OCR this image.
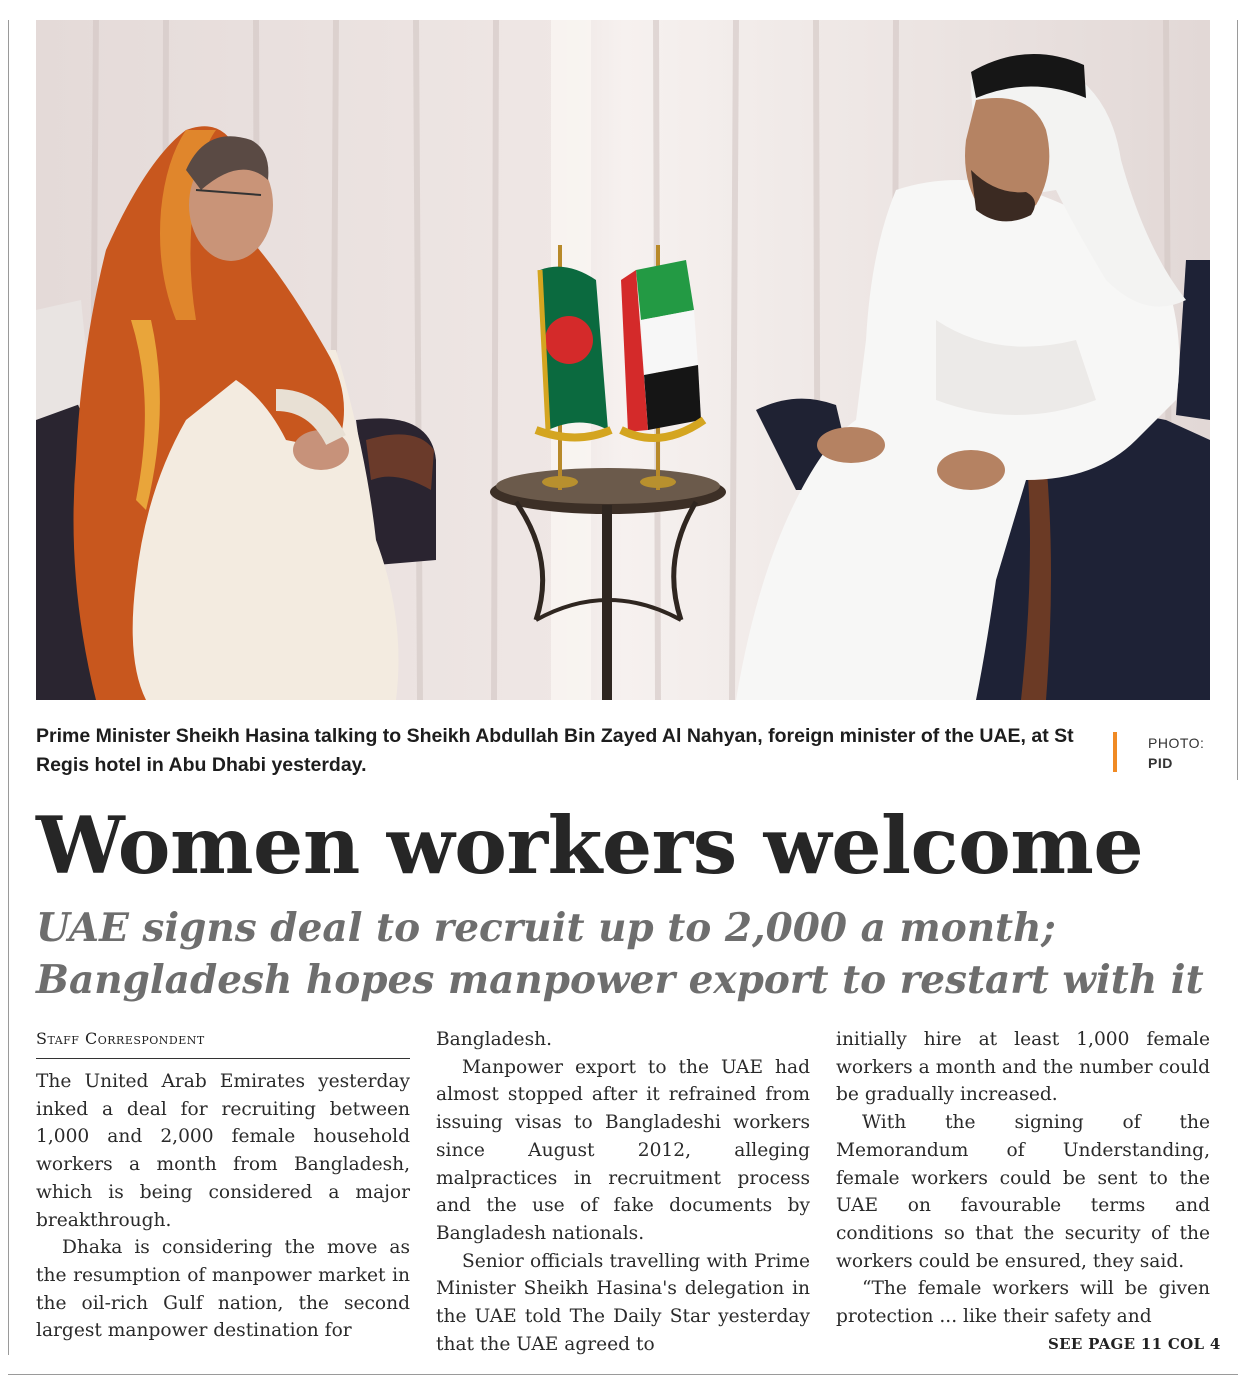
Prime Minister Sheikh Hasina talking to Sheikh Abdullah Bin Zayed Al Nahyan, foreign minister of the UAE, at St Regis hotel in Abu Dhabi yesterday.
PHOTO:
PID
Women workers welcome
UAE signs deal to recruit up to 2,000 a month; Bangladesh hopes manpower export to restart with it
Staff Correspondent

The United Arab Emirates yesterday inked a deal for recruiting between 1,000 and 2,000 female household workers a month from Bangladesh, which is being considered a major breakthrough.

Dhaka is considering the move as the resumption of manpower market in the oil-rich Gulf nation, the second largest manpower destination for

Bangladesh.

Manpower export to the UAE had almost stopped after it refrained from issuing visas to Bangladeshi workers since August 2012, alleging malpractices in recruitment process and the use of fake documents by Bangladesh nationals.

Senior officials travelling with Prime Minister Sheikh Hasina's delegation in the UAE told The Daily Star yesterday that the UAE agreed to

initially hire at least 1,000 female workers a month and the number could be gradually increased.

With the signing of the Memorandum of Understanding, female workers could be sent to the UAE on favourable terms and conditions so that the security of the workers could be ensured, they said.

“The female workers will be given protection ... like their safety and

SEE PAGE 11 COL 4
